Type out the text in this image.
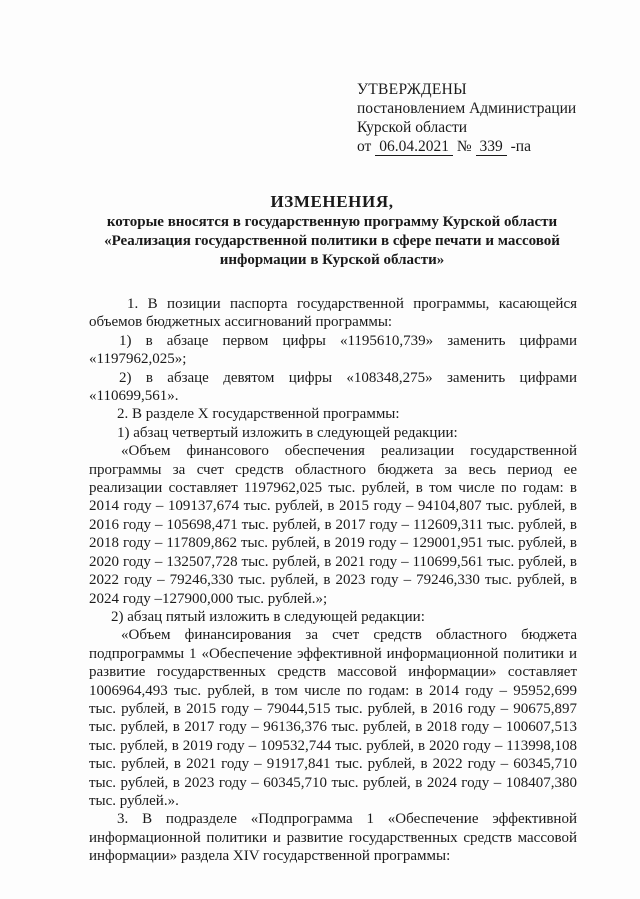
УТВЕРЖДЕНЫ
постановлением Администрации
Курской области
от 06.04.2021 № 339 -па
ИЗМЕНЕНИЯ,
которые вносятся в государственную программу Курской области
«Реализация государственной политики в сфере печати и массовой
информации в Курской области»

1. В позиции паспорта государственной программы, касающейся объемов бюджетных ассигнований программы:

1) в абзаце первом цифры «1195610,739» заменить цифрами «1197962,025»;

2) в абзаце девятом цифры «108348,275» заменить цифрами «110699,561».

2. В разделе X государственной программы:

1) абзац четвертый изложить в следующей редакции:

«Объем финансового обеспечения реализации государственной программы за счет средств областного бюджета за весь период ее реализации составляет 1197962,025 тыс. рублей, в том числе по годам: в 2014 году – 109137,674 тыс. рублей, в 2015 году – 94104,807 тыс. рублей, в 2016 году – 105698,471 тыс. рублей, в 2017 году – 112609,311 тыс. рублей, в 2018 году – 117809,862 тыс. рублей, в 2019 году – 129001,951 тыс. рублей, в 2020 году – 132507,728 тыс. рублей, в 2021 году – 110699,561 тыс. рублей, в 2022 году – 79246,330 тыс. рублей, в 2023 году – 79246,330 тыс. рублей, в 2024 году –127900,000 тыс. рублей.»;

2) абзац пятый изложить в следующей редакции:

«Объем финансирования за счет средств областного бюджета подпрограммы 1 «Обеспечение эффективной информационной политики и развитие государственных средств массовой информации» составляет 1006964,493 тыс. рублей, в том числе по годам: в 2014 году – 95952,699 тыс. рублей, в 2015 году – 79044,515 тыс. рублей, в 2016 году – 90675,897 тыс. рублей, в 2017 году – 96136,376 тыс. рублей, в 2018 году – 100607,513 тыс. рублей, в 2019 году – 109532,744 тыс. рублей, в 2020 году – 113998,108 тыс. рублей, в 2021 году – 91917,841 тыс. рублей, в 2022 году – 60345,710 тыс. рублей, в 2023 году – 60345,710 тыс. рублей, в 2024 году – 108407,380 тыс. рублей.».

3. В подразделе «Подпрограмма 1 «Обеспечение эффективной информационной политики и развитие государственных средств массовой информации» раздела XIV государственной программы:
